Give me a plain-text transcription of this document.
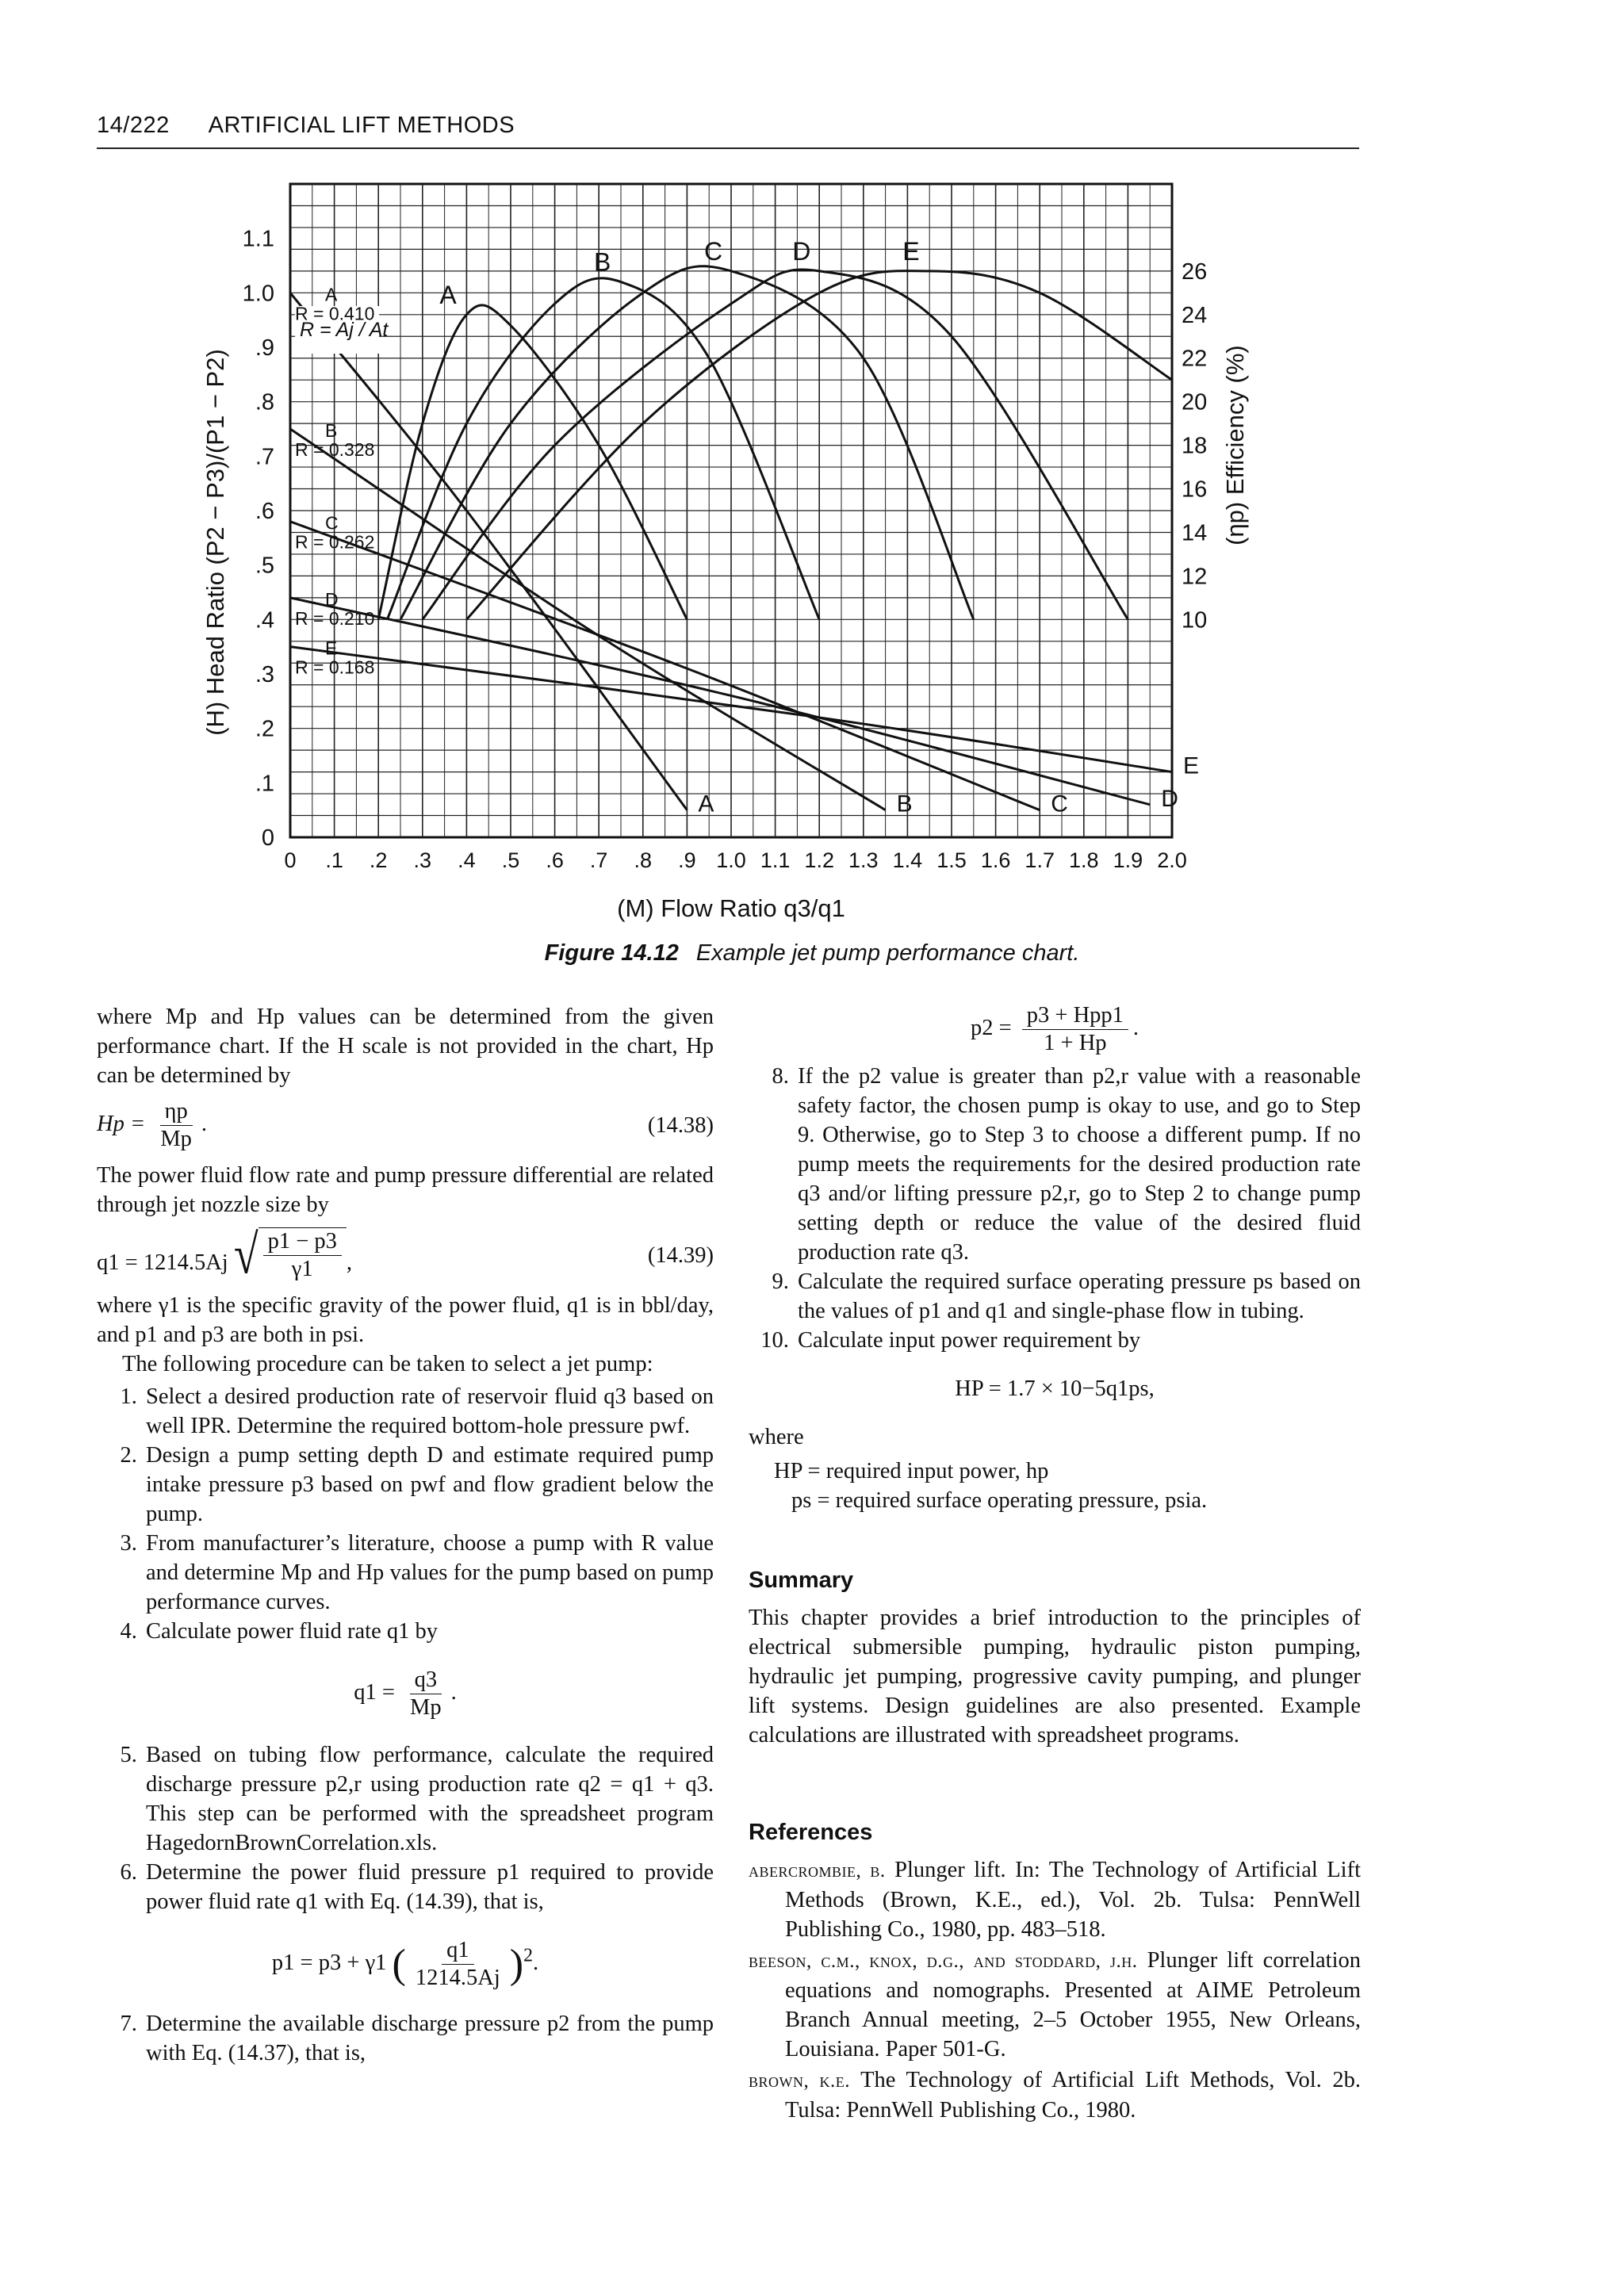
14/222 ARTIFICIAL LIFT METHODS
0 .1 .2 .3 .4 .5 .6 .7 .8 .9 1.0 1.1 1.2 1.3 1.4 1.5 1.6 1.7 1.8 1.9 2.0
0
.1
.2
.3
.4
.5
.6
.7
.8
.9
1.0
1.1
10
12
14
16
18
20
22
24
26
(M) Flow Ratio q3/q1
(H) Head Ratio (P2 − P3)/(P1 − P2)	(ηp) Efficiency (%)
R = Aj / At
A
R = 0.410
A
B
R = 0.328
B
C
R = 0.262
C
D
R = 0.210
D
E
R = 0.168
E
A
B	C	D	E
Figure 14.12 Example jet pump performance chart.

where Mp and Hp values can be determined from the given performance chart. If the H scale is not provided in the chart, Hp can be determined by

$Hp = \frac{\eta p}{Mp}$ .	(14.38)

The power fluid flow rate and pump pressure differential are related through jet nozzle size by

q1 = 1214.5Aj √ $\frac{p1 - p3}{\gamma 1}$ ,	(14.39)

where γ1 is the specific gravity of the power fluid, q1 is in bbl/day, and p1 and p3 are both in psi.

The following procedure can be taken to select a jet pump:

1. Select a desired production rate of reservoir fluid q3 based on well IPR. Determine the required bottom-hole pressure pwf.
2. Design a pump setting depth D and estimate required pump intake pressure p3 based on pwf and flow gradient below the pump.
3. From manufacturer’s literature, choose a pump with R value and determine Mp and Hp values for the pump based on pump performance curves.
4. Calculate power fluid rate q1 by
$q1 = \frac{q3}{Mp}$ .
5. Based on tubing flow performance, calculate the required discharge pressure p2,r using production rate q2 = q1 + q3. This step can be performed with the spreadsheet program HagedornBrownCorrelation.xls.
6. Determine the power fluid pressure p1 required to provide power fluid rate q1 with Eq. (14.39), that is,
p1 = p3 + γ1 ( $\frac{q1}{1214.5Aj} )^2$.
7. Determine the available discharge pressure p2 from the pump with Eq. (14.37), that is,
$p2 = \frac{\text{p3 + Hpp1}}{1 + Hp}$ .
8. If the p2 value is greater than p2,r value with a reasonable safety factor, the chosen pump is okay to use, and go to Step 9. Otherwise, go to Step 3 to choose a different pump. If no pump meets the requirements for the desired production rate q3 and/or lifting pressure p2,r, go to Step 2 to change pump setting depth or reduce the value of the desired fluid production rate q3.
9. Calculate the required surface operating pressure ps based on the values of p1 and q1 and single-phase flow in tubing.
10. Calculate input power requirement by
HP = 1.7 × 10−5q1ps,

where

HP = required input power, hp
ps = required surface operating pressure, psia.
Summary

This chapter provides a brief introduction to the principles of electrical submersible pumping, hydraulic piston pumping, hydraulic jet pumping, progressive cavity pumping, and plunger lift systems. Design guidelines are also presented. Example calculations are illustrated with spreadsheet programs.

References
abercrombie, b. Plunger lift. In: The Technology of Artificial Lift Methods (Brown, K.E., ed.), Vol. 2b. Tulsa: PennWell Publishing Co., 1980, pp. 483–518.
beeson, c.m., knox, d.g., and stoddard, j.h. Plunger lift correlation equations and nomographs. Presented at AIME Petroleum Branch Annual meeting, 2–5 October 1955, New Orleans, Louisiana. Paper 501-G.
brown, k.e. The Technology of Artificial Lift Methods, Vol. 2b. Tulsa: PennWell Publishing Co., 1980.
